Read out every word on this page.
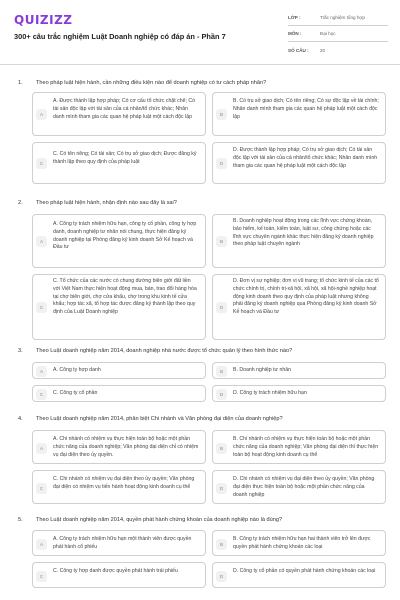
QUIZIZZ
300+ câu trắc nghiệm Luật Doanh nghiệp có đáp án - Phần 7
LỚP :	Trắc nghiệm tổng hợp
MÔN :	Đại học
SỐ CÂU :	20
1. Theo pháp luật hiện hành, cần những điều kiện nào để doanh nghiệp có tư cách pháp nhân?
A
A. Được thành lập hợp pháp; Có cơ cấu tổ chức chặt chẽ; Có tài sản độc lập với tài sản của cá nhân/tổ chức khác; Nhân danh mình tham gia các quan hệ pháp luật một cách độc lập	B
B. Có trụ sở giao dịch; Có tên riêng; Có sự độc lập về tài chính; Nhân danh mình tham gia các quan hệ pháp luật một cách độc lập
C
C. Có tên riêng; Có tài sản; Có trụ sở giao dịch; Được đăng ký thành lập theo quy định của pháp luật	D
D. Được thành lập hợp pháp; Có trụ sở giao dịch; Có tài sản độc lập với tài sản của cá nhân/tổ chức khác; Nhân danh mình tham gia các quan hệ pháp luật một cách độc lập
2. Theo pháp luật hiện hành, nhận định nào sau đây là sai?
A
A. Công ty trách nhiệm hữu hạn, công ty cổ phần, công ty hợp danh, doanh nghiệp tư nhân nói chung, thực hiện đăng ký doanh nghiệp tại Phòng đăng ký kinh doanh Sở Kế hoạch và Đầu tư
B
B. Doanh nghiệp hoạt động trong các lĩnh vực chứng khoán, bảo hiểm, kế toán, kiểm toán, luật sư, công chứng hoặc các lĩnh vực chuyên ngành khác thực hiện đăng ký doanh nghiệp theo pháp luật chuyên ngành
C
C. Tổ chức của các nước có chung đường biên giới đất liền với Việt Nam thực hiện hoạt động mua, bán, trao đổi hàng hóa tại chợ biên giới, chợ cửa khẩu, chợ trong khu kinh tế cửa khẩu; hợp tác xã, tổ hợp tác được đăng ký thành lập theo quy định của Luật Doanh nghiệp
D
D. Đơn vị sự nghiệp; đơn vị vũ trang; tổ chức kinh tế của các tổ chức chính trị, chính trị-xã hội, xã hội, xã hội-nghề nghiệp hoạt động kinh doanh theo quy định của pháp luật nhưng không phải đăng ký doanh nghiệp qua Phòng đăng ký kinh doanh Sở Kế hoạch và Đầu tư
3. Theo Luật doanh nghiệp năm 2014, doanh nghiệp nhà nước được tổ chức quản lý theo hình thức nào?
A	A. Công ty hợp danh	B	B. Doanh nghiệp tư nhân
C	C. Công ty cổ phần	D	D. Công ty trách nhiệm hữu hạn
4. Theo Luật doanh nghiệp năm 2014, phân biệt Chi nhánh và Văn phòng đại diện của doanh nghiệp?
A
A. Chi nhánh có nhiệm vụ thực hiện toàn bộ hoặc một phần chức năng của doanh nghiệp; Văn phòng đại diện chỉ có nhiệm vụ đại diện theo ủy quyền.
B
B. Chi nhánh có nhiệm vụ thực hiện toàn bộ hoặc một phần chức năng của doanh nghiệp; Văn phòng đại diện thì thực hiện toàn bộ hoạt động kinh doanh cụ thể
C
C. Chi nhánh có nhiệm vụ đại diện theo ủy quyền; Văn phòng đại diện có nhiệm vụ tiến hành hoạt động kinh doanh cụ thể	D
D. Chi nhánh có nhiệm vụ đại diện theo ủy quyền; Văn phòng đại diện thực hiện toàn bộ hoặc một phần chức năng của doanh nghiệp
5. Theo Luật doanh nghiệp năm 2014, quyền phát hành chứng khoán của doanh nghiệp nào là đúng?
A
A. Công ty trách nhiệm hữu hạn một thành viên được quyền phát hành cổ phiếu	B
B. Công ty trách nhiệm hữu hạn hai thành viên trở lên được quyền phát hành chứng khoán các loại
C
C. Công ty hợp danh được quyền phát hành trái phiếu
D
D. Công ty cổ phần có quyền phát hành chứng khoán các loại
